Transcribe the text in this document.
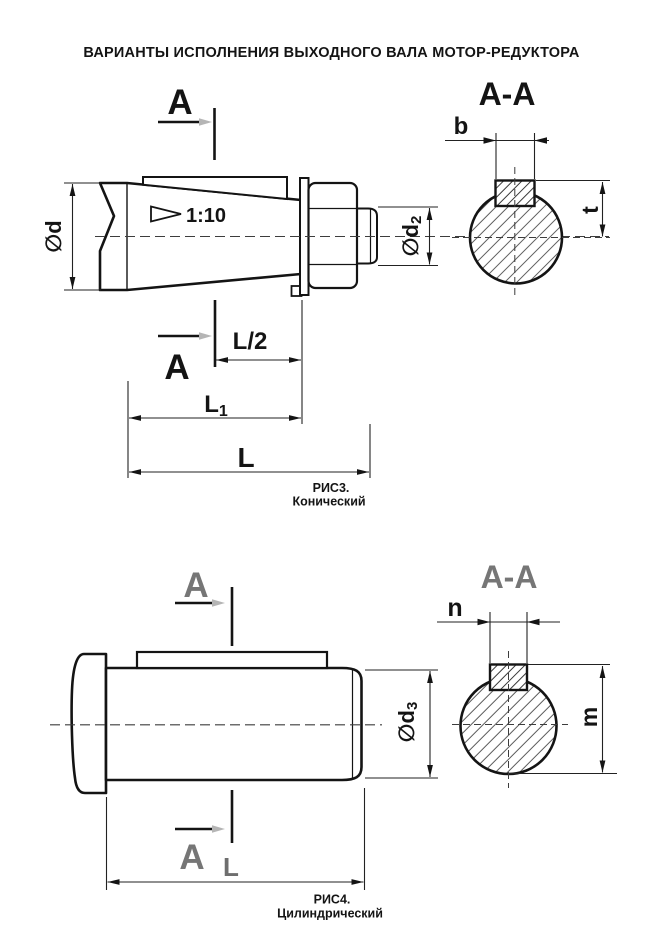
ВАРИАНТЫ ИСПОЛНЕНИЯ ВЫХОДНОГО ВАЛА МОТОР-РЕДУКТОРА
1:10
А
А
∅d	$\emptyset d_2$
L/2
L1
L
РИС3.
Конический
А-А
b
t
А
А
$\emptyset d_3$
L
РИС4.
Цилиндрический
А-А
n
m
